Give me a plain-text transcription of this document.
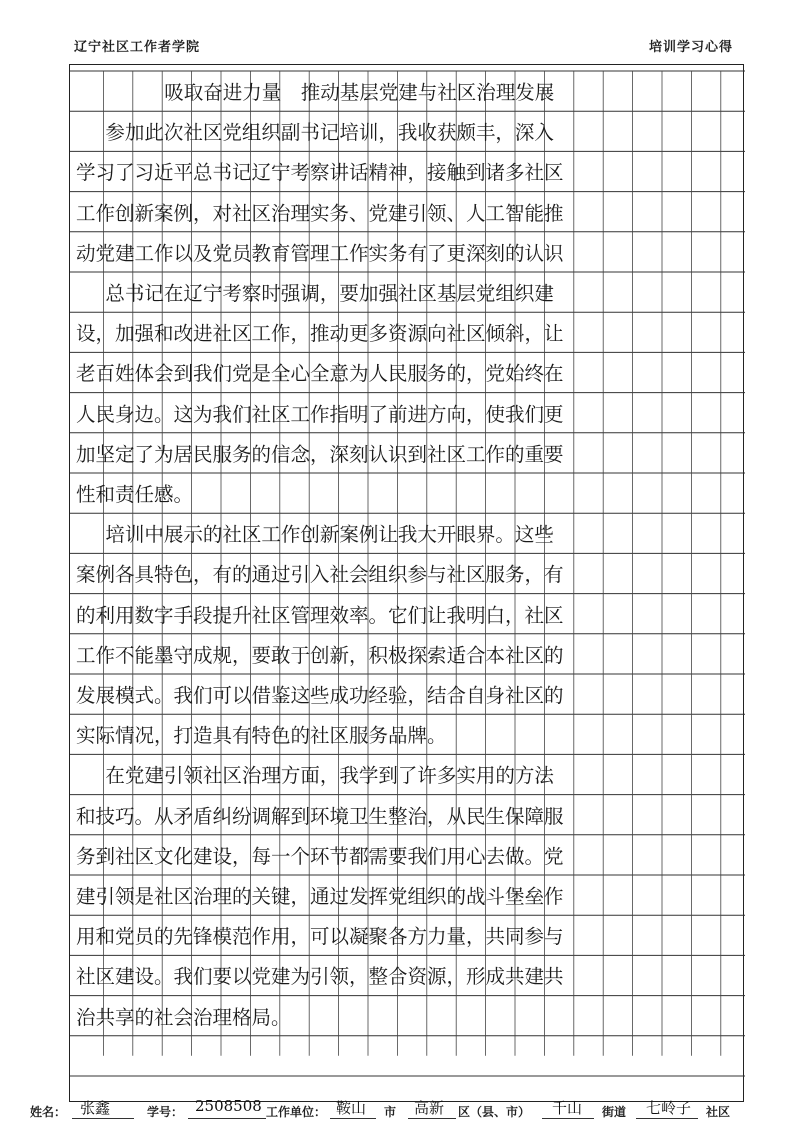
辽宁社区工作者学院	培训学习心得
吸取奋进力量　推动基层党建与社区治理发展
参加此次社区党组织副书记培训，我收获颇丰，深入
学习了习近平总书记辽宁考察讲话精神，接触到诸多社区
工作创新案例，对社区治理实务、党建引领、人工智能推
动党建工作以及党员教育管理工作实务有了更深刻的认识
总书记在辽宁考察时强调，要加强社区基层党组织建
设，加强和改进社区工作，推动更多资源向社区倾斜，让
老百姓体会到我们党是全心全意为人民服务的，党始终在
人民身边。这为我们社区工作指明了前进方向，使我们更
加坚定了为居民服务的信念，深刻认识到社区工作的重要
性和责任感。
培训中展示的社区工作创新案例让我大开眼界。这些
案例各具特色，有的通过引入社会组织参与社区服务，有
的利用数字手段提升社区管理效率。它们让我明白，社区
工作不能墨守成规，要敢于创新，积极探索适合本社区的
发展模式。我们可以借鉴这些成功经验，结合自身社区的
实际情况，打造具有特色的社区服务品牌。
在党建引领社区治理方面，我学到了许多实用的方法
和技巧。从矛盾纠纷调解到环境卫生整治，从民生保障服
务到社区文化建设，每一个环节都需要我们用心去做。党
建引领是社区治理的关键，通过发挥党组织的战斗堡垒作
用和党员的先锋模范作用，可以凝聚各方力量，共同参与
社区建设。我们要以党建为引领，整合资源，形成共建共
治共享的社会治理格局。
姓名： 张鑫	学号： 2508508 工作单位： 鞍山 市 高新 区（县、市） 千山 街道 七岭子 社区
